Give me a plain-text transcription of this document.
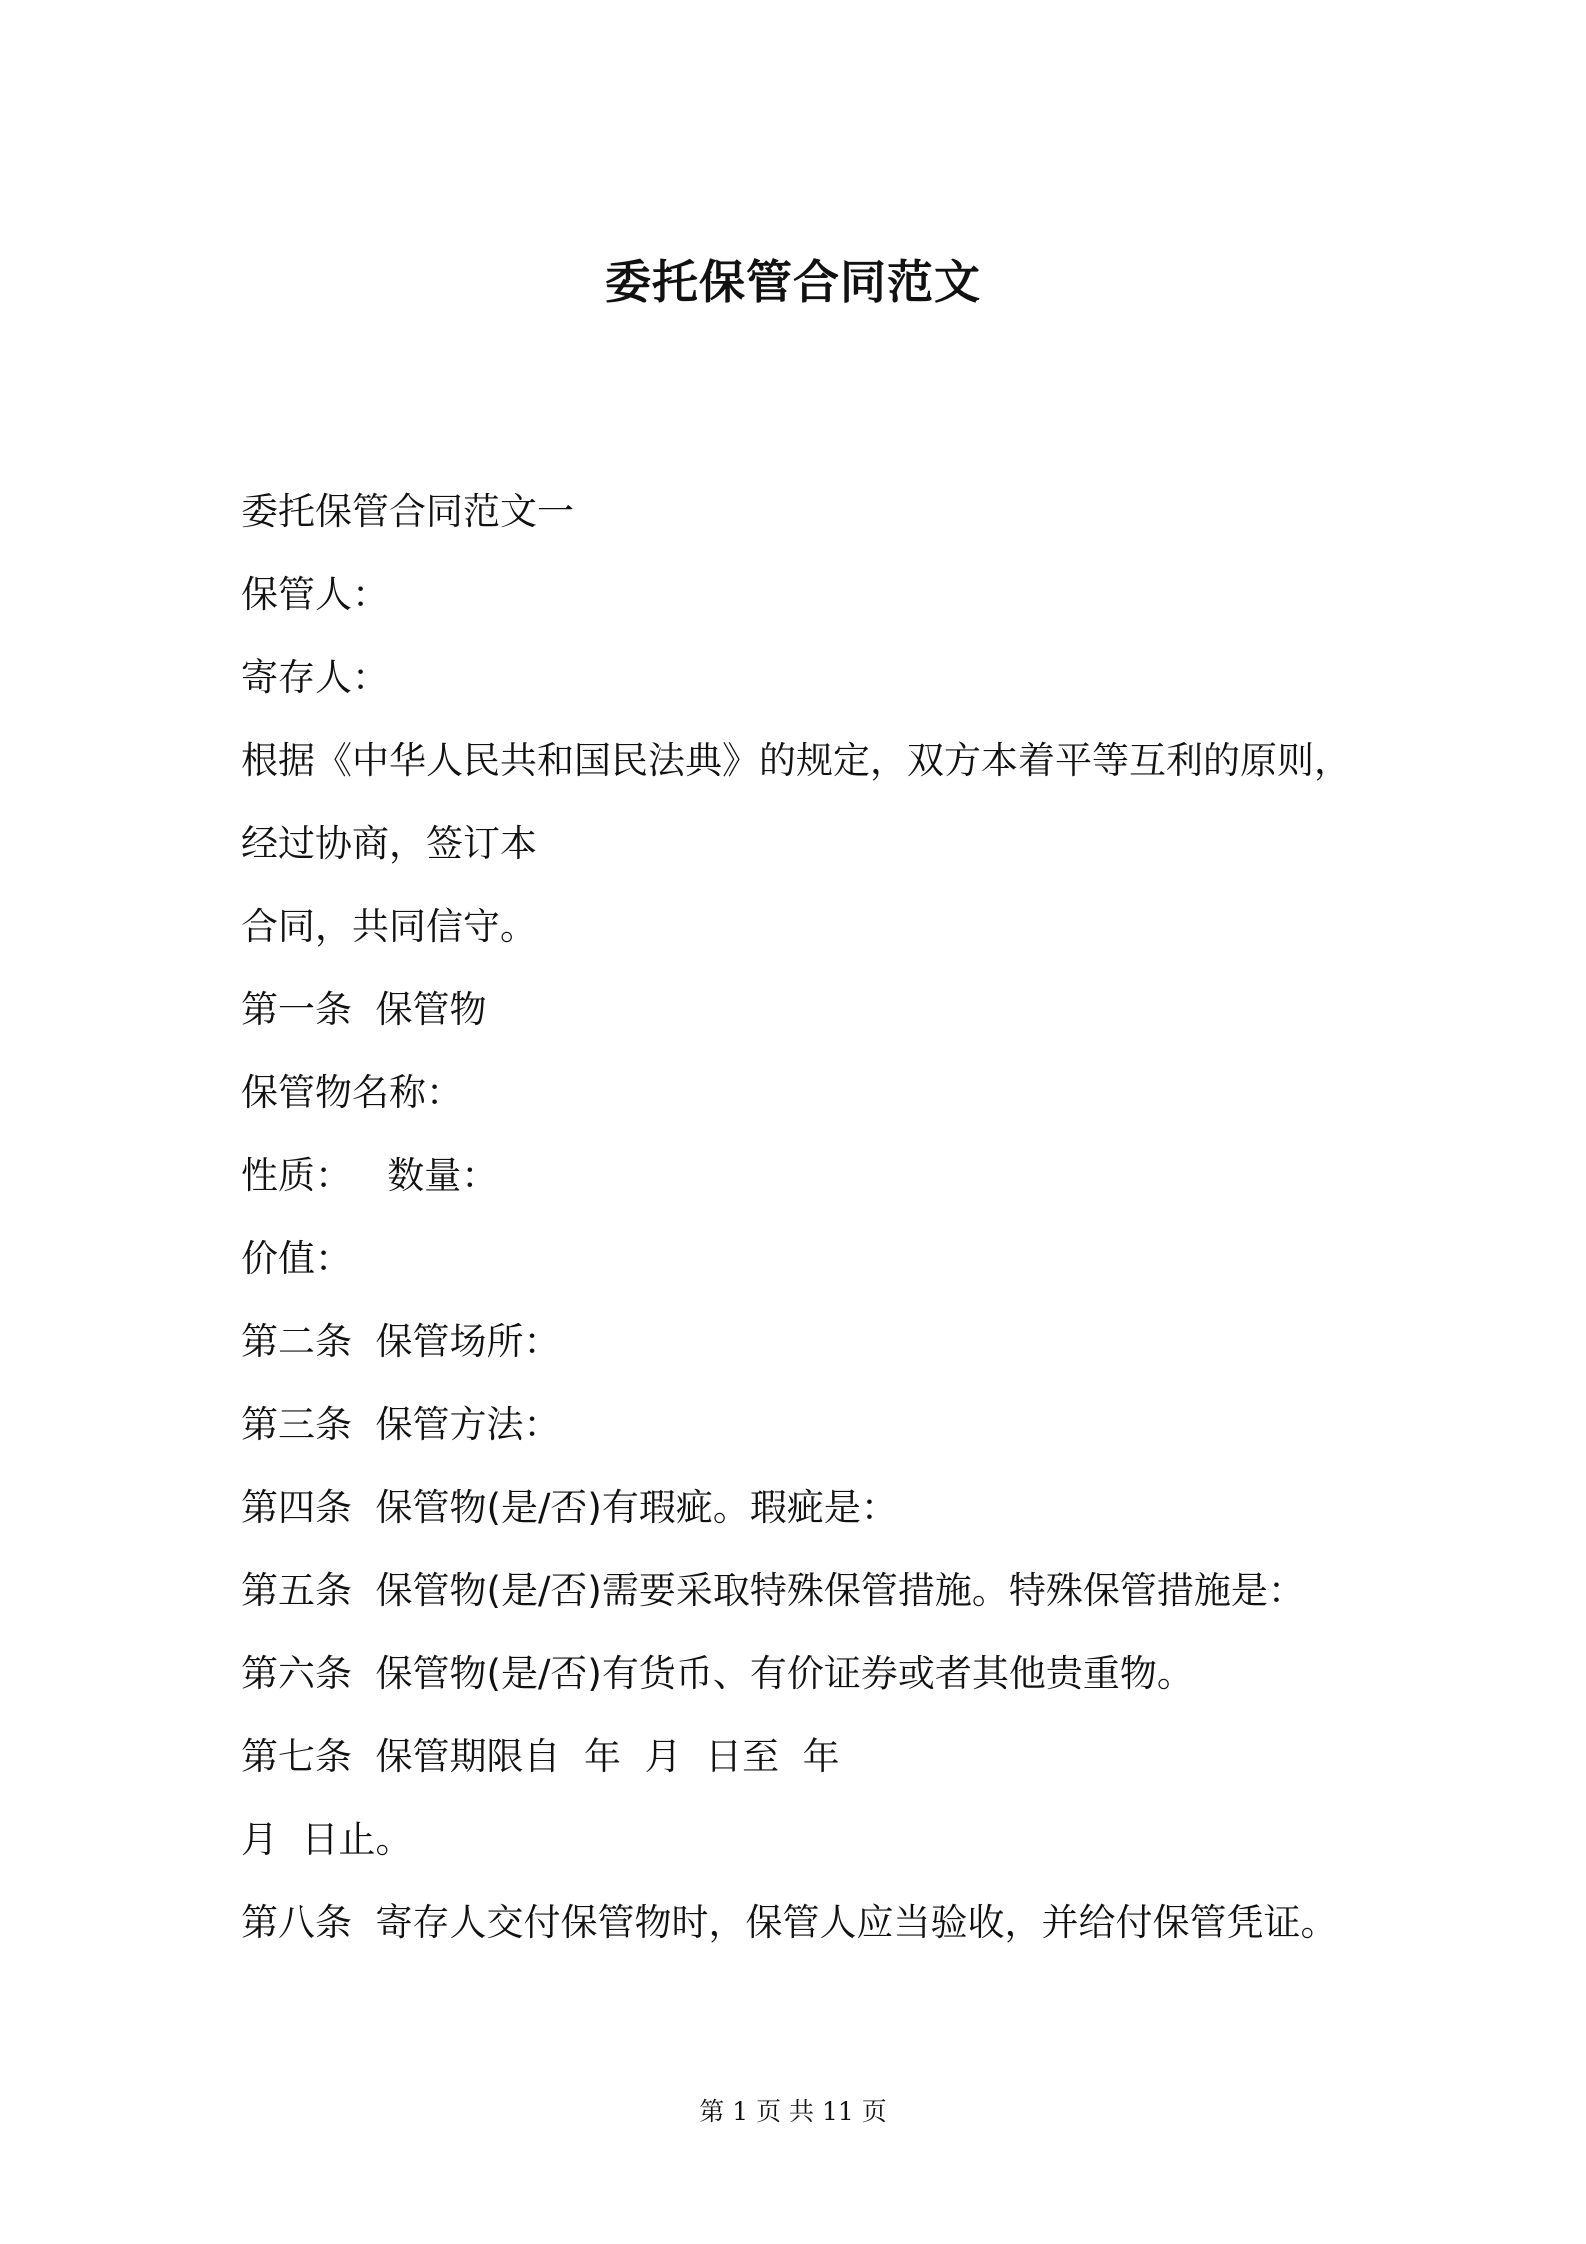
委托保管合同范文
委托保管合同范文一
保管人：
寄存人：
根据《中华人民共和国民法典》的规定，双方本着平等互利的原则，
经过协商，签订本
合同，共同信守。
第一条  保管物
保管物名称：
性质：   数量：
价值：
第二条  保管场所：
第三条  保管方法：
第四条  保管物(是/否)有瑕疵。瑕疵是：
第五条  保管物(是/否)需要采取特殊保管措施。特殊保管措施是：
第六条  保管物(是/否)有货币、有价证券或者其他贵重物。
第七条  保管期限自  年  月  日至  年
月  日止。
第八条  寄存人交付保管物时，保管人应当验收，并给付保管凭证。
第 1 页 共 11 页
